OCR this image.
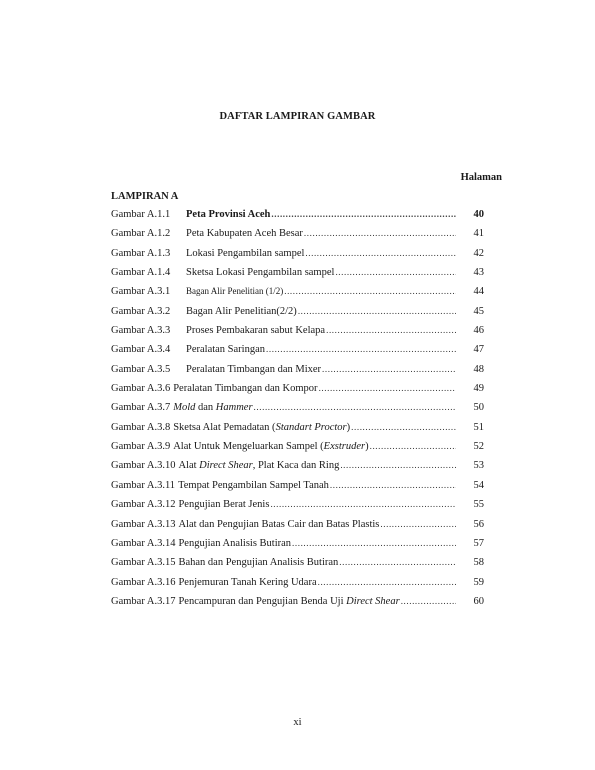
DAFTAR LAMPIRAN GAMBAR
Halaman
LAMPIRAN A
Gambar A.1.1	Peta Provinsi Aceh .....	40
Gambar A.1.2	Peta Kabupaten Aceh Besar .....	41
Gambar A.1.3	Lokasi Pengambilan sampel .....	42
Gambar A.1.4	Sketsa Lokasi Pengambilan sampel .....	43
Gambar A.3.1	Bagan Alir Penelitian (1/2) .....	44
Gambar A.3.2	Bagan Alir Penelitian(2/2) .....	45
Gambar A.3.3	Proses Pembakaran sabut Kelapa .....	46
Gambar A.3.4	Peralatan Saringan .....	47
Gambar A.3.5	Peralatan Timbangan dan Mixer .....	48
Gambar A.3.6 Peralatan Timbangan dan Kompor .....	49
Gambar A.3.7 Mold dan Hammer .....	50
Gambar A.3.8 Sketsa Alat Pemadatan (Standart Proctor) .....	51
Gambar A.3.9 Alat Untuk Mengeluarkan Sampel (Exstruder) .....	52
Gambar A.3.10 Alat Direct Shear, Plat Kaca dan Ring .....	53
Gambar A.3.11 Tempat Pengambilan Sampel Tanah .....	54
Gambar A.3.12 Pengujian Berat Jenis .....	55
Gambar A.3.13 Alat dan Pengujian Batas Cair dan Batas Plastis .....	56
Gambar A.3.14 Pengujian Analisis Butiran .....	57
Gambar A.3.15 Bahan dan Pengujian Analisis Butiran .....	58
Gambar A.3.16 Penjemuran Tanah Kering Udara .....	59
Gambar A.3.17 Pencampuran dan Pengujian Benda Uji Direct Shear .....	60
xi
